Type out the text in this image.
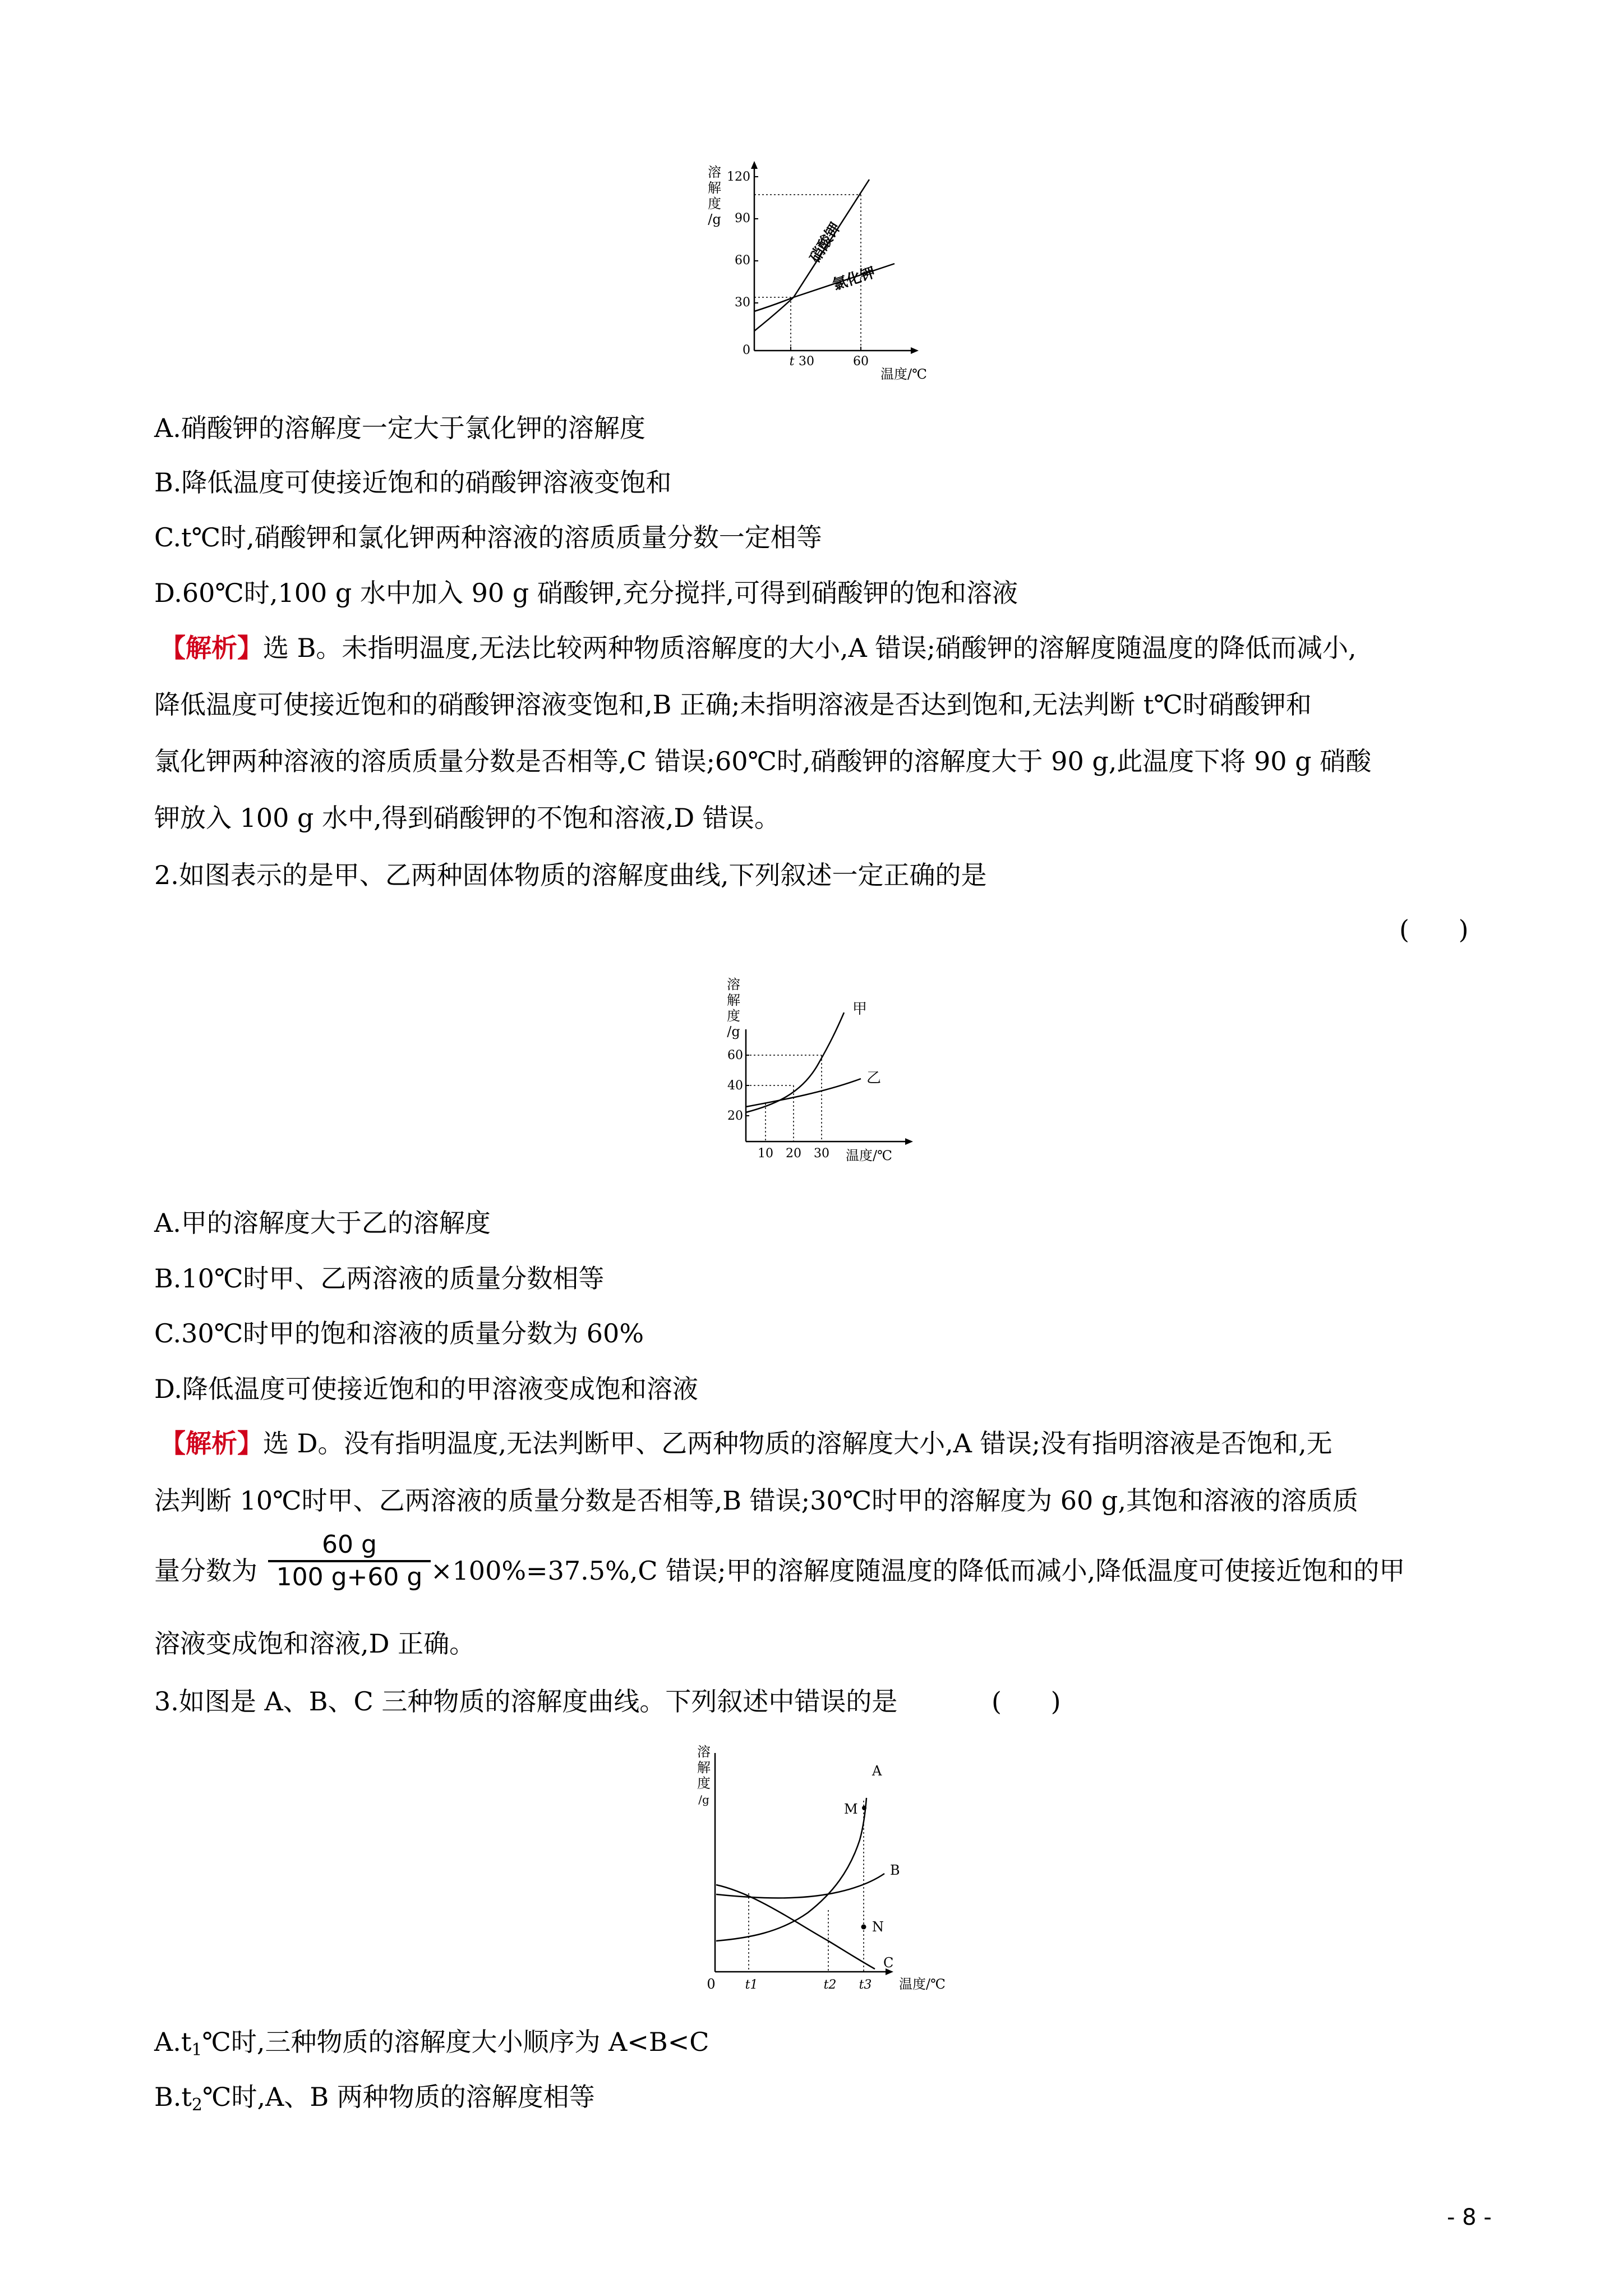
溶
解
度
/g
120
90
60
30
0
t 30	60
温度/℃
硝酸钾
氯化钾
A.硝酸钾的溶解度一定大于氯化钾的溶解度
B.降低温度可使接近饱和的硝酸钾溶液变饱和
C.t℃时,硝酸钾和氯化钾两种溶液的溶质质量分数一定相等
D.60℃时,100 g 水中加入 90 g 硝酸钾,充分搅拌,可得到硝酸钾的饱和溶液
【解析】选 B。未指明温度,无法比较两种物质溶解度的大小,A 错误;硝酸钾的溶解度随温度的降低而减小,
降低温度可使接近饱和的硝酸钾溶液变饱和,B 正确;未指明溶液是否达到饱和,无法判断 t℃时硝酸钾和
氯化钾两种溶液的溶质质量分数是否相等,C 错误;60℃时,硝酸钾的溶解度大于 90 g,此温度下将 90 g 硝酸
钾放入 100 g 水中,得到硝酸钾的不饱和溶液,D 错误。
2.如图表示的是甲、乙两种固体物质的溶解度曲线,下列叙述一定正确的是
(      )
溶
解
度
/g
60
40
20
10 20 30 温度/℃
甲
乙
A.甲的溶解度大于乙的溶解度
B.10℃时甲、乙两溶液的质量分数相等
C.30℃时甲的饱和溶液的质量分数为 60%
D.降低温度可使接近饱和的甲溶液变成饱和溶液
【解析】选 D。没有指明温度,无法判断甲、乙两种物质的溶解度大小,A 错误;没有指明溶液是否饱和,无
法判断 10℃时甲、乙两溶液的质量分数是否相等,B 错误;30℃时甲的溶解度为 60 g,其饱和溶液的溶质质
量分数为 $\frac{60 g}{100 g+60 g} \times 100\%=37.5\%,C$ 错误;甲的溶解度随温度的降低而减小,降低温度可使接近饱和的甲
溶液变成饱和溶液,D 正确。
3.如图是 A、B、C 三种物质的溶解度曲线。下列叙述中错误的是	(      )
溶
解
度
/g
0 t1	t2 t3 温度/℃
A
B
C
M
N
$A.t_1℃$时,三种物质的溶解度大小顺序为 A<B<C
$B.t_2℃$时,A、B 两种物质的溶解度相等
- 8 -
